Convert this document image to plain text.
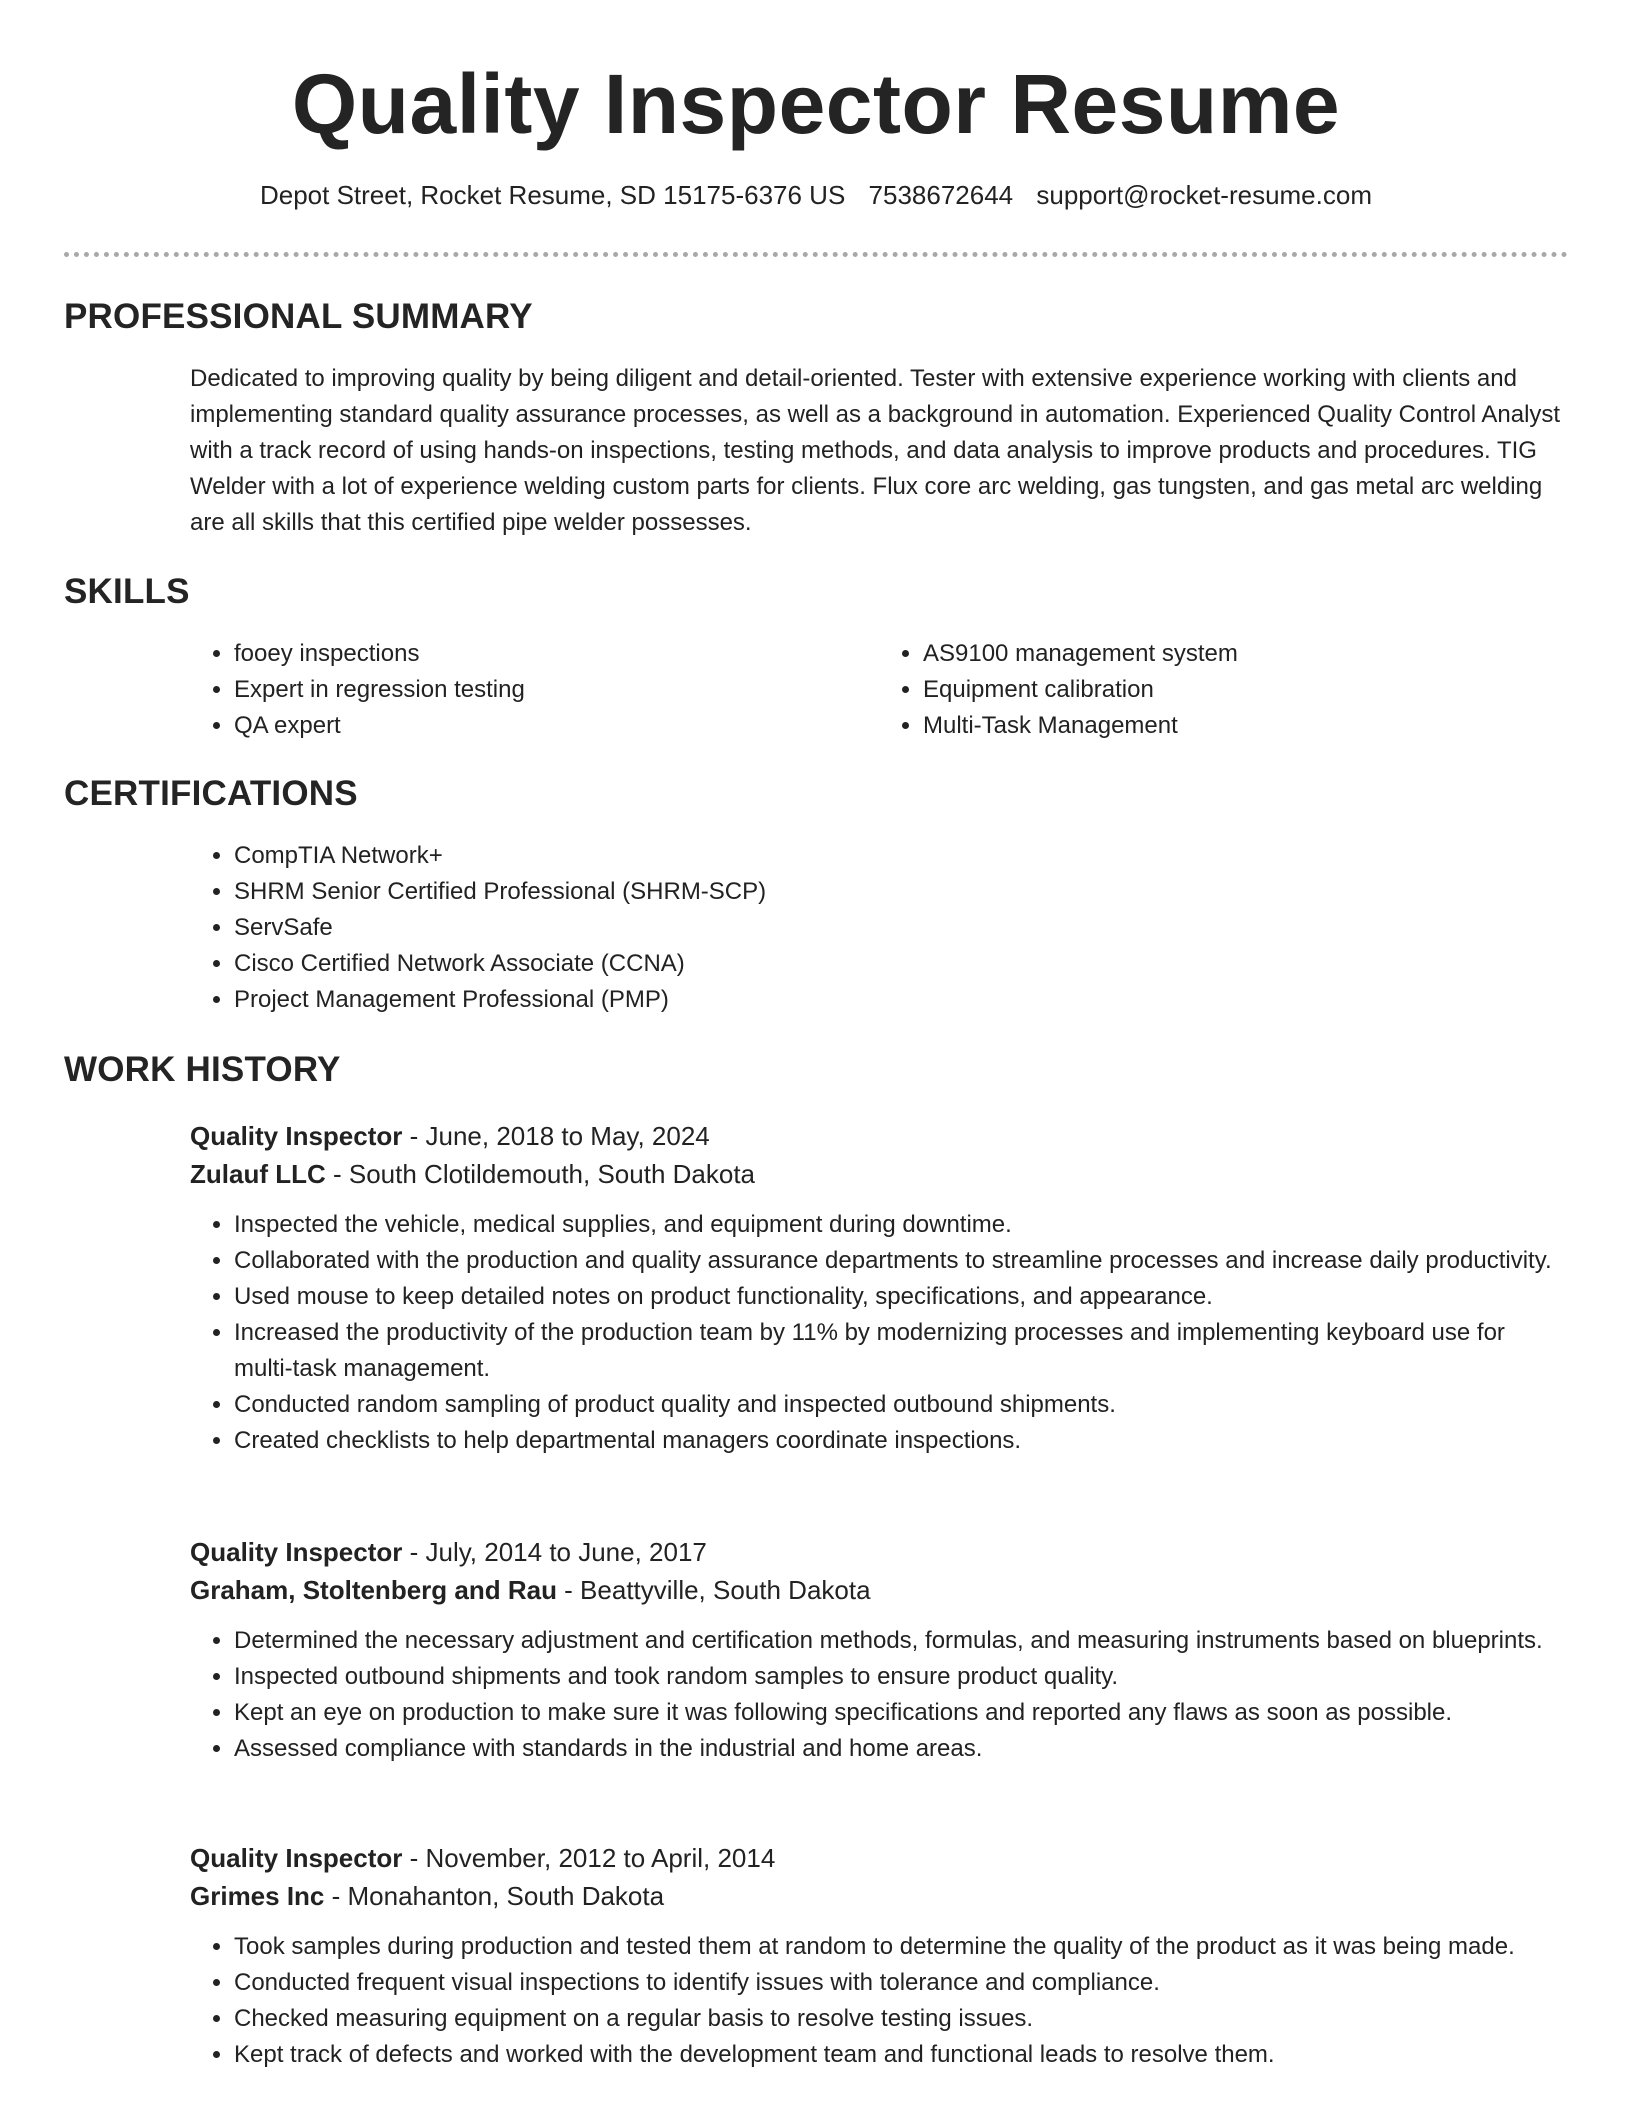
Quality Inspector Resume
Depot Street, Rocket Resume, SD 15175-6376 US 7538672644 support@rocket-resume.com
PROFESSIONAL SUMMARY

Dedicated to improving quality by being diligent and detail-oriented. Tester with extensive experience working with clients and implementing standard quality assurance processes, as well as a background in automation. Experienced Quality Control Analyst with a track record of using hands-on inspections, testing methods, and data analysis to improve products and procedures. TIG Welder with a lot of experience welding custom parts for clients. Flux core arc welding, gas tungsten, and gas metal arc welding are all skills that this certified pipe welder possesses.

SKILLS
• fooey inspections
• Expert in regression testing
• QA expert
• AS9100 management system
• Equipment calibration
• Multi-Task Management
CERTIFICATIONS
• CompTIA Network+
• SHRM Senior Certified Professional (SHRM-SCP)
• ServSafe
• Cisco Certified Network Associate (CCNA)
• Project Management Professional (PMP)
WORK HISTORY
Quality Inspector - June, 2018 to May, 2024
Zulauf LLC - South Clotildemouth, South Dakota
• Inspected the vehicle, medical supplies, and equipment during downtime.
• Collaborated with the production and quality assurance departments to streamline processes and increase daily productivity.
• Used mouse to keep detailed notes on product functionality, specifications, and appearance.
• Increased the productivity of the production team by 11% by modernizing processes and implementing keyboard use for multi-task management.
• Conducted random sampling of product quality and inspected outbound shipments.
• Created checklists to help departmental managers coordinate inspections.
Quality Inspector - July, 2014 to June, 2017
Graham, Stoltenberg and Rau - Beattyville, South Dakota
• Determined the necessary adjustment and certification methods, formulas, and measuring instruments based on blueprints.
• Inspected outbound shipments and took random samples to ensure product quality.
• Kept an eye on production to make sure it was following specifications and reported any flaws as soon as possible.
• Assessed compliance with standards in the industrial and home areas.
Quality Inspector - November, 2012 to April, 2014
Grimes Inc - Monahanton, South Dakota
• Took samples during production and tested them at random to determine the quality of the product as it was being made.
• Conducted frequent visual inspections to identify issues with tolerance and compliance.
• Checked measuring equipment on a regular basis to resolve testing issues.
• Kept track of defects and worked with the development team and functional leads to resolve them.
